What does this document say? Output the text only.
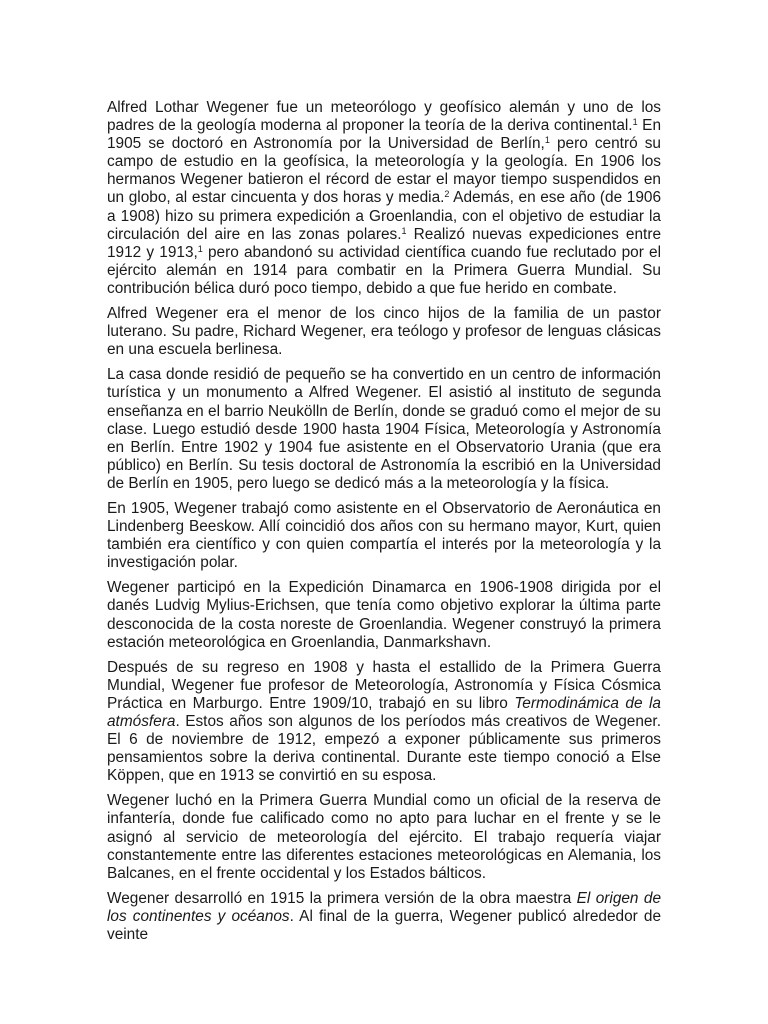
Alfred Lothar Wegener fue un meteorólogo y geofísico alemán y uno de los padres de la geología moderna al proponer la teoría de la deriva continental.$^1$ En 1905 se doctoró en Astronomía por la Universidad de Berlín,$^1$ pero centró su campo de estudio en la geofísica, la meteorología y la geología. En 1906 los hermanos Wegener batieron el récord de estar el mayor tiempo suspendidos en un globo, al estar cincuenta y dos horas y media.$^2$ Además, en ese año (de 1906 a 1908) hizo su primera expedición a Groenlandia, con el objetivo de estudiar la circulación del aire en las zonas polares.$^1$ Realizó nuevas expediciones entre 1912 y 1913,$^1$ pero abandonó su actividad científica cuando fue reclutado por el ejército alemán en 1914 para combatir en la Primera Guerra Mundial. Su contribución bélica duró poco tiempo, debido a que fue herido en combate.

Alfred Wegener era el menor de los cinco hijos de la familia de un pastor luterano. Su padre, Richard Wegener, era teólogo y profesor de lenguas clásicas en una escuela berlinesa.

La casa donde residió de pequeño se ha convertido en un centro de información turística y un monumento a Alfred Wegener. El asistió al instituto de segunda enseñanza en el barrio Neukölln de Berlín, donde se graduó como el mejor de su clase. Luego estudió desde 1900 hasta 1904 Física, Meteorología y Astronomía en Berlín. Entre 1902 y 1904 fue asistente en el Observatorio Urania (que era público) en Berlín. Su tesis doctoral de Astronomía la escribió en la Universidad de Berlín en 1905, pero luego se dedicó más a la meteorología y la física.

En 1905, Wegener trabajó como asistente en el Observatorio de Aeronáutica en Lindenberg Beeskow. Allí coincidió dos años con su hermano mayor, Kurt, quien también era científico y con quien compartía el interés por la meteorología y la investigación polar.

Wegener participó en la Expedición Dinamarca en 1906-1908 dirigida por el danés Ludvig Mylius-Erichsen, que tenía como objetivo explorar la última parte desconocida de la costa noreste de Groenlandia. Wegener construyó la primera estación meteorológica en Groenlandia, Danmarkshavn.

Después de su regreso en 1908 y hasta el estallido de la Primera Guerra Mundial, Wegener fue profesor de Meteorología, Astronomía y Física Cósmica Práctica en Marburgo. Entre 1909/10, trabajó en su libro Termodinámica de la atmósfera. Estos años son algunos de los períodos más creativos de Wegener. El 6 de noviembre de 1912, empezó a exponer públicamente sus primeros pensamientos sobre la deriva continental. Durante este tiempo conoció a Else Köppen, que en 1913 se convirtió en su esposa.

Wegener luchó en la Primera Guerra Mundial como un oficial de la reserva de infantería, donde fue calificado como no apto para luchar en el frente y se le asignó al servicio de meteorología del ejército. El trabajo requería viajar constantemente entre las diferentes estaciones meteorológicas en Alemania, los Balcanes, en el frente occidental y los Estados bálticos.

Wegener desarrolló en 1915 la primera versión de la obra maestra El origen de los continentes y océanos. Al final de la guerra, Wegener publicó alrededor de veinte
